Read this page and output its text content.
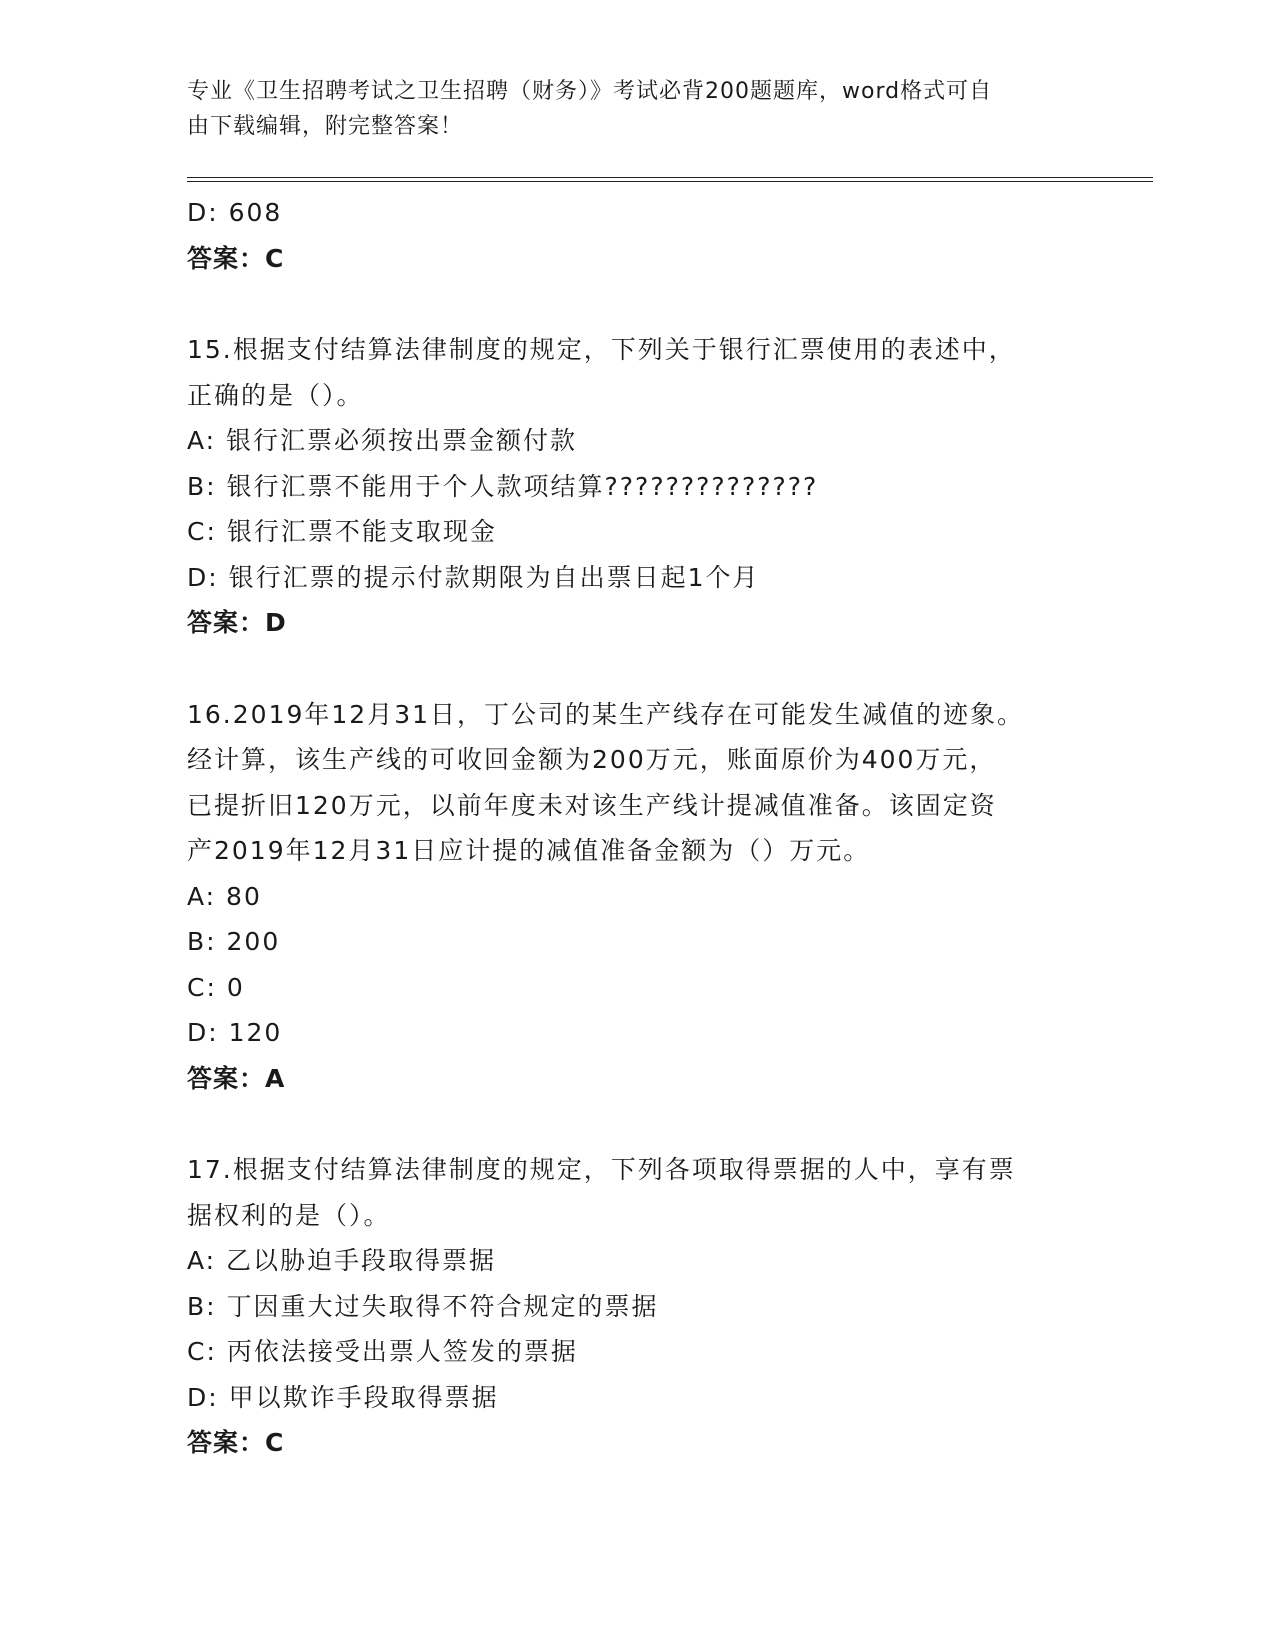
专业《卫生招聘考试之卫生招聘（财务）》考试必背200题题库，word格式可自
由下载编辑，附完整答案！
D: 608
答案：C
15.根据支付结算法律制度的规定，下列关于银行汇票使用的表述中，
正确的是（）。
A: 银行汇票必须按出票金额付款
B: 银行汇票不能用于个人款项结算??????????????
C: 银行汇票不能支取现金
D: 银行汇票的提示付款期限为自出票日起1个月
答案：D
16.2019年12月31日，丁公司的某生产线存在可能发生减值的迹象。
经计算，该生产线的可收回金额为200万元，账面原价为400万元，
已提折旧120万元，以前年度未对该生产线计提减值准备。该固定资
产2019年12月31日应计提的减值准备金额为（）万元。
A: 80
B: 200
C: 0
D: 120
答案：A
17.根据支付结算法律制度的规定，下列各项取得票据的人中，享有票
据权利的是（）。
A: 乙以胁迫手段取得票据
B: 丁因重大过失取得不符合规定的票据
C: 丙依法接受出票人签发的票据
D: 甲以欺诈手段取得票据
答案：C
